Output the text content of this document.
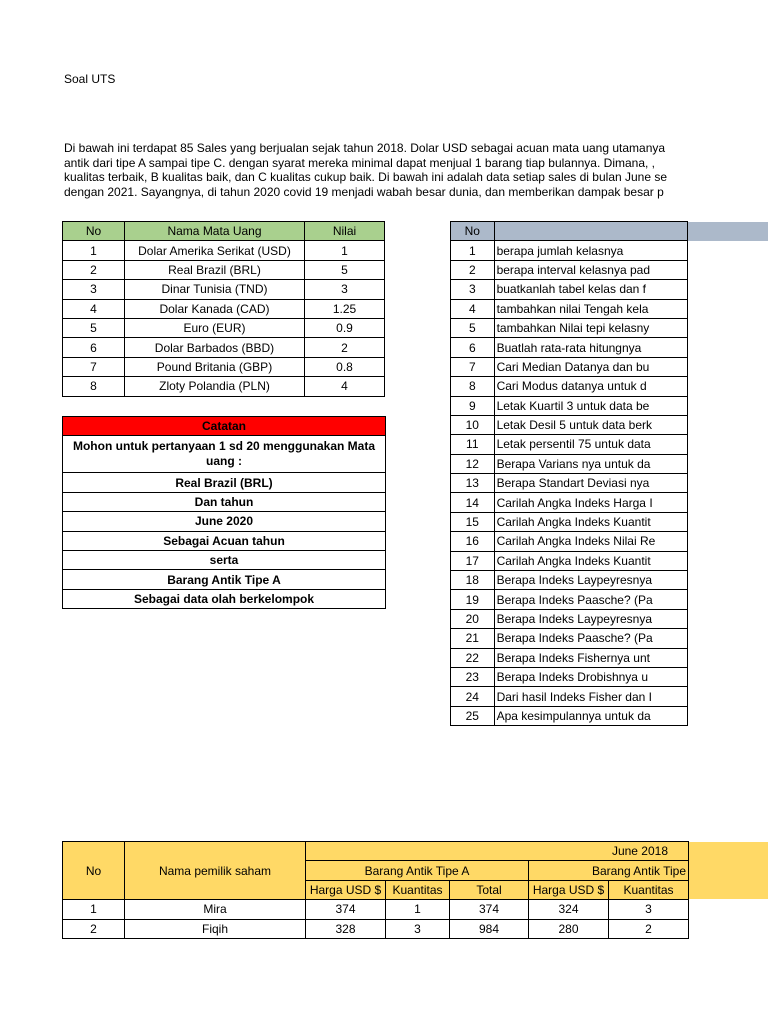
Soal UTS
Di bawah ini terdapat 85 Sales yang berjualan sejak tahun 2018. Dolar USD sebagai acuan mata uang utamanya
antik dari tipe A sampai tipe C. dengan syarat mereka minimal dapat menjual 1 barang tiap bulannya. Dimana, ,
kualitas terbaik, B kualitas baik, dan C kualitas cukup baik. Di bawah ini adalah data setiap sales di bulan June se
dengan 2021. Sayangnya, di tahun 2020 covid 19 menjadi wabah besar dunia, dan memberikan dampak besar p
No	Nama Mata Uang	Nilai
1	Dolar Amerika Serikat (USD)	1
2	Real Brazil (BRL)	5
3	Dinar Tunisia (TND)	3
4	Dolar Kanada (CAD)	1.25
5	Euro (EUR)	0.9
6	Dolar Barbados (BBD)	2
7	Pound Britania (GBP)	0.8
8	Zloty Polandia (PLN)	4
Catatan
Mohon untuk pertanyaan 1 sd 20 menggunakan Mata uang :
Real Brazil (BRL)
Dan tahun
June 2020
Sebagai Acuan tahun
serta
Barang Antik Tipe A
Sebagai data olah berkelompok
No	
1	berapa jumlah kelasnya
2	berapa interval kelasnya pad
3	buatkanlah tabel kelas dan f
4	tambahkan nilai Tengah kela
5	tambahkan Nilai tepi kelasny
6	Buatlah rata-rata hitungnya
7	Cari Median Datanya dan bu
8	Cari Modus datanya untuk d
9	Letak Kuartil 3 untuk data be
10	Letak Desil 5 untuk data berk
11	Letak persentil 75 untuk data
12	Berapa Varians nya untuk da
13	Berapa Standart Deviasi nya
14	Carilah Angka Indeks Harga I
15	Carilah Angka Indeks Kuantit
16	Carilah Angka Indeks Nilai Re
17	Carilah Angka Indeks Kuantit
18	Berapa Indeks Laypeyresnya
19	Berapa Indeks Paasche? (Pa
20	Berapa Indeks Laypeyresnya
21	Berapa Indeks Paasche? (Pa
22	Berapa Indeks Fishernya unt
23	Berapa Indeks Drobishnya u
24	Dari hasil Indeks Fisher dan I
25	Apa kesimpulannya untuk da
No	Nama pemilik saham	June 2018				
		Barang Antik Tipe A			Barang Antik Tipe	
		Harga USD $	Kuantitas	Total	Harga USD $	Kuantitas
1	Mira	374	1	374	324	3
2	Fiqih	328	3	984	280	2
